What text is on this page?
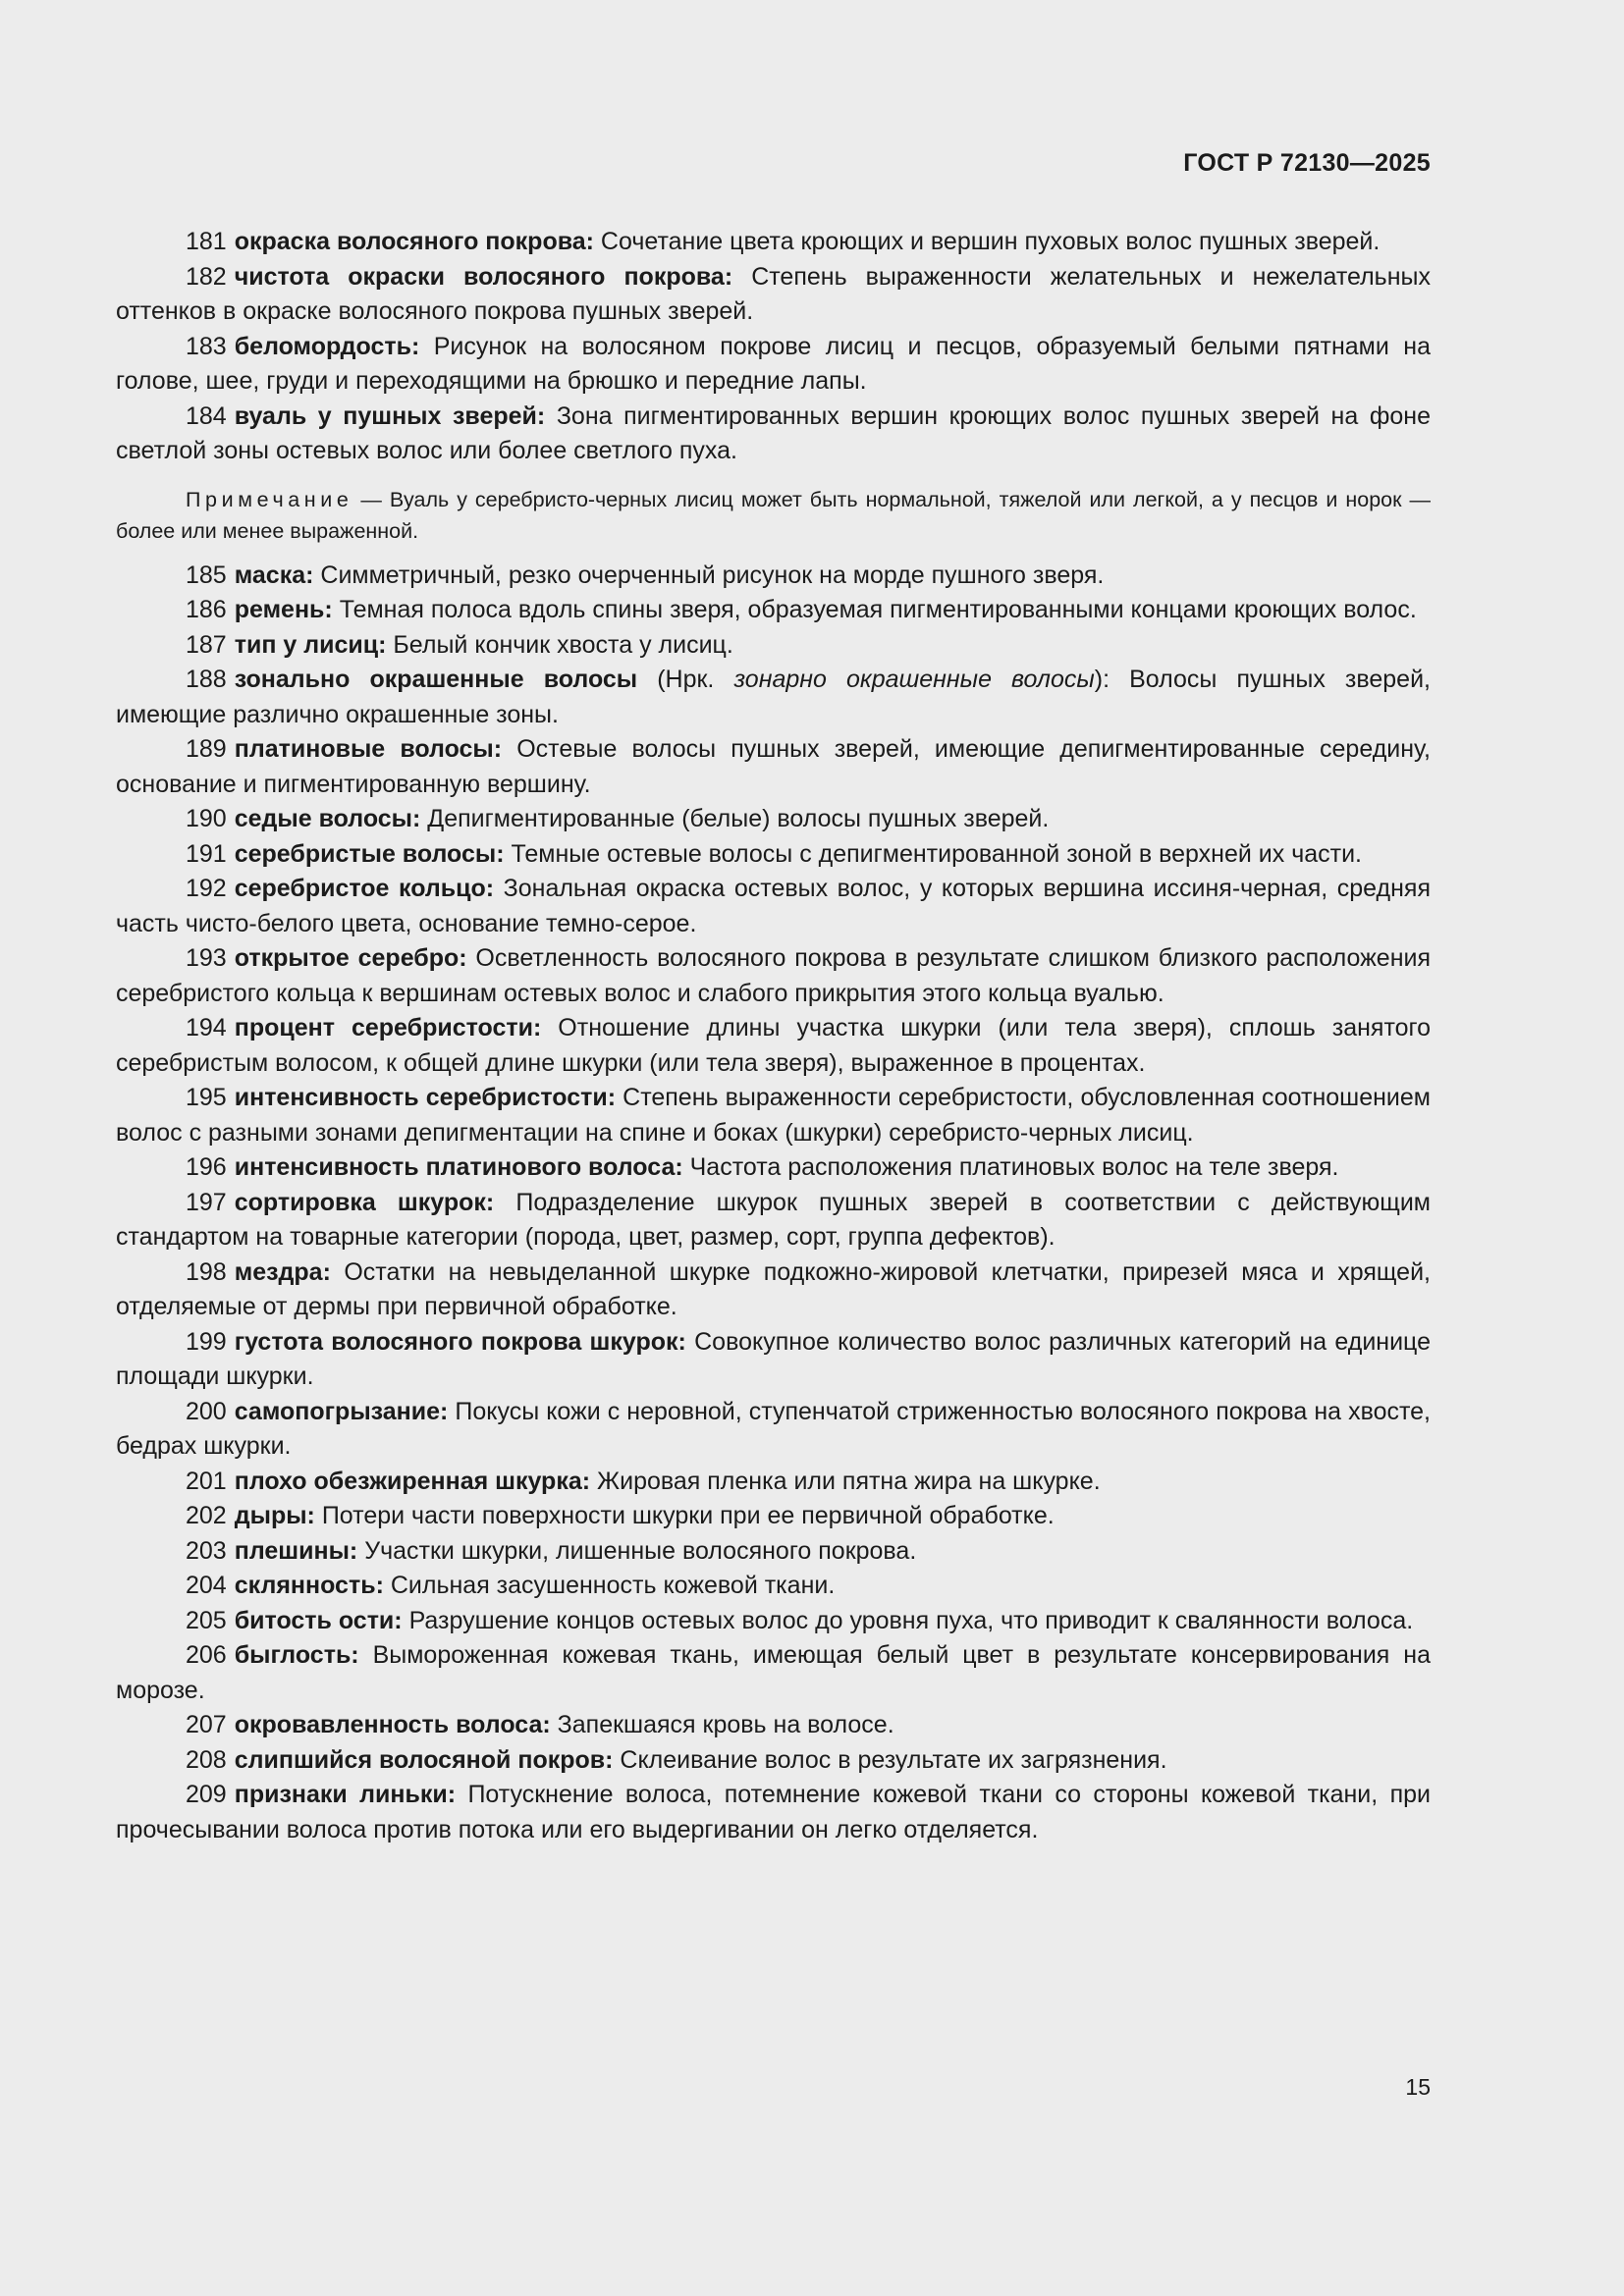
ГОСТ Р 72130—2025

181 окраска волосяного покрова: Сочетание цвета кроющих и вершин пуховых волос пушных зверей.

182 чистота окраски волосяного покрова: Степень выраженности желательных и нежелательных оттенков в окраске волосяного покрова пушных зверей.

183 беломордость: Рисунок на волосяном покрове лисиц и песцов, образуемый белыми пятнами на голове, шее, груди и переходящими на брюшко и передние лапы.

184 вуаль у пушных зверей: Зона пигментированных вершин кроющих волос пушных зверей на фоне светлой зоны остевых волос или более светлого пуха.

Примечание — Вуаль у серебристо-черных лисиц может быть нормальной, тяжелой или легкой, а у песцов и норок — более или менее выраженной.

185 маска: Симметричный, резко очерченный рисунок на морде пушного зверя.

186 ремень: Темная полоса вдоль спины зверя, образуемая пигментированными концами кроющих волос.

187 тип у лисиц: Белый кончик хвоста у лисиц.

188 зонально окрашенные волосы (Нрк. зонарно окрашенные волосы): Волосы пушных зверей, имеющие различно окрашенные зоны.

189 платиновые волосы: Остевые волосы пушных зверей, имеющие депигментированные середину, основание и пигментированную вершину.

190 седые волосы: Депигментированные (белые) волосы пушных зверей.

191 серебристые волосы: Темные остевые волосы с депигментированной зоной в верхней их части.

192 серебристое кольцо: Зональная окраска остевых волос, у которых вершина иссиня-черная, средняя часть чисто-белого цвета, основание темно-серое.

193 открытое серебро: Осветленность волосяного покрова в результате слишком близкого расположения серебристого кольца к вершинам остевых волос и слабого прикрытия этого кольца вуалью.

194 процент серебристости: Отношение длины участка шкурки (или тела зверя), сплошь занятого серебристым волосом, к общей длине шкурки (или тела зверя), выраженное в процентах.

195 интенсивность серебристости: Степень выраженности серебристости, обусловленная соотношением волос с разными зонами депигментации на спине и боках (шкурки) серебристо-черных лисиц.

196 интенсивность платинового волоса: Частота расположения платиновых волос на теле зверя.

197 сортировка шкурок: Подразделение шкурок пушных зверей в соответствии с действующим стандартом на товарные категории (порода, цвет, размер, сорт, группа дефектов).

198 мездра: Остатки на невыделанной шкурке подкожно-жировой клетчатки, прирезей мяса и хрящей, отделяемые от дермы при первичной обработке.

199 густота волосяного покрова шкурок: Совокупное количество волос различных категорий на единице площади шкурки.

200 самопогрызание: Покусы кожи с неровной, ступенчатой стриженностью волосяного покрова на хвосте, бедрах шкурки.

201 плохо обезжиренная шкурка: Жировая пленка или пятна жира на шкурке.

202 дыры: Потери части поверхности шкурки при ее первичной обработке.

203 плешины: Участки шкурки, лишенные волосяного покрова.

204 склянность: Сильная засушенность кожевой ткани.

205 битость ости: Разрушение концов остевых волос до уровня пуха, что приводит к свалянности волоса.

206 быглость: Вымороженная кожевая ткань, имеющая белый цвет в результате консервирования на морозе.

207 окровавленность волоса: Запекшаяся кровь на волосе.

208 слипшийся волосяной покров: Склеивание волос в результате их загрязнения.

209 признаки линьки: Потускнение волоса, потемнение кожевой ткани со стороны кожевой ткани, при прочесывании волоса против потока или его выдергивании он легко отделяется.

15
